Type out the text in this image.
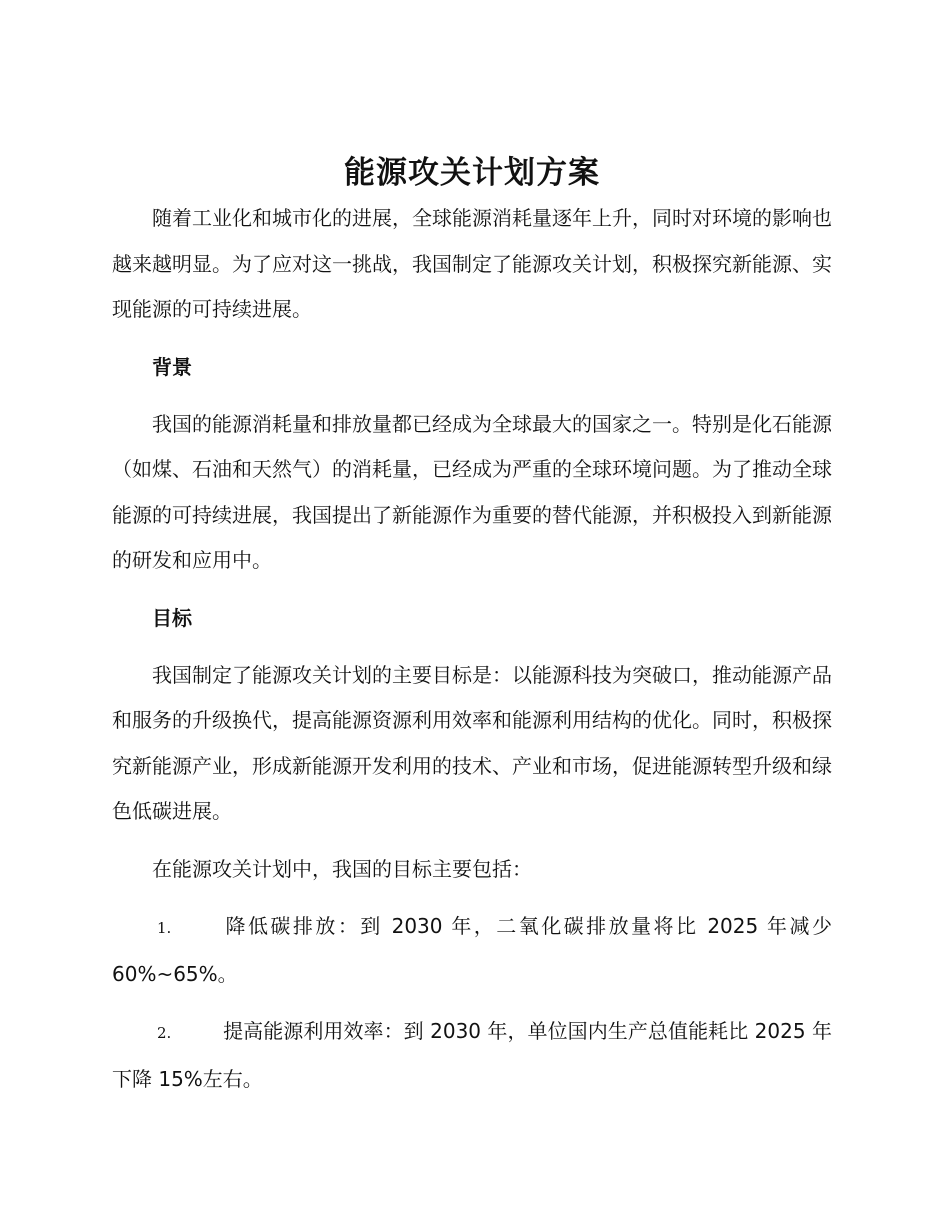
能源攻关计划方案

随着工业化和城市化的进展，全球能源消耗量逐年上升，同时对环境的影响也越来越明显。为了应对这一挑战，我国制定了能源攻关计划，积极探究新能源、实现能源的可持续进展。

背景

我国的能源消耗量和排放量都已经成为全球最大的国家之一。特别是化石能源（如煤、石油和天然气）的消耗量，已经成为严重的全球环境问题。为了推动全球能源的可持续进展，我国提出了新能源作为重要的替代能源，并积极投入到新能源的研发和应用中。

目标

我国制定了能源攻关计划的主要目标是：以能源科技为突破口，推动能源产品和服务的升级换代，提高能源资源利用效率和能源利用结构的优化。同时，积极探究新能源产业，形成新能源开发利用的技术、产业和市场，促进能源转型升级和绿色低碳进展。

在能源攻关计划中，我国的目标主要包括：

1.	降低碳排放：到 2030 年，二氧化碳排放量将比 2025 年减少 60%~65%。

2.	提高能源利用效率：到 2030 年，单位国内生产总值能耗比 2025 年下降 15%左右。
